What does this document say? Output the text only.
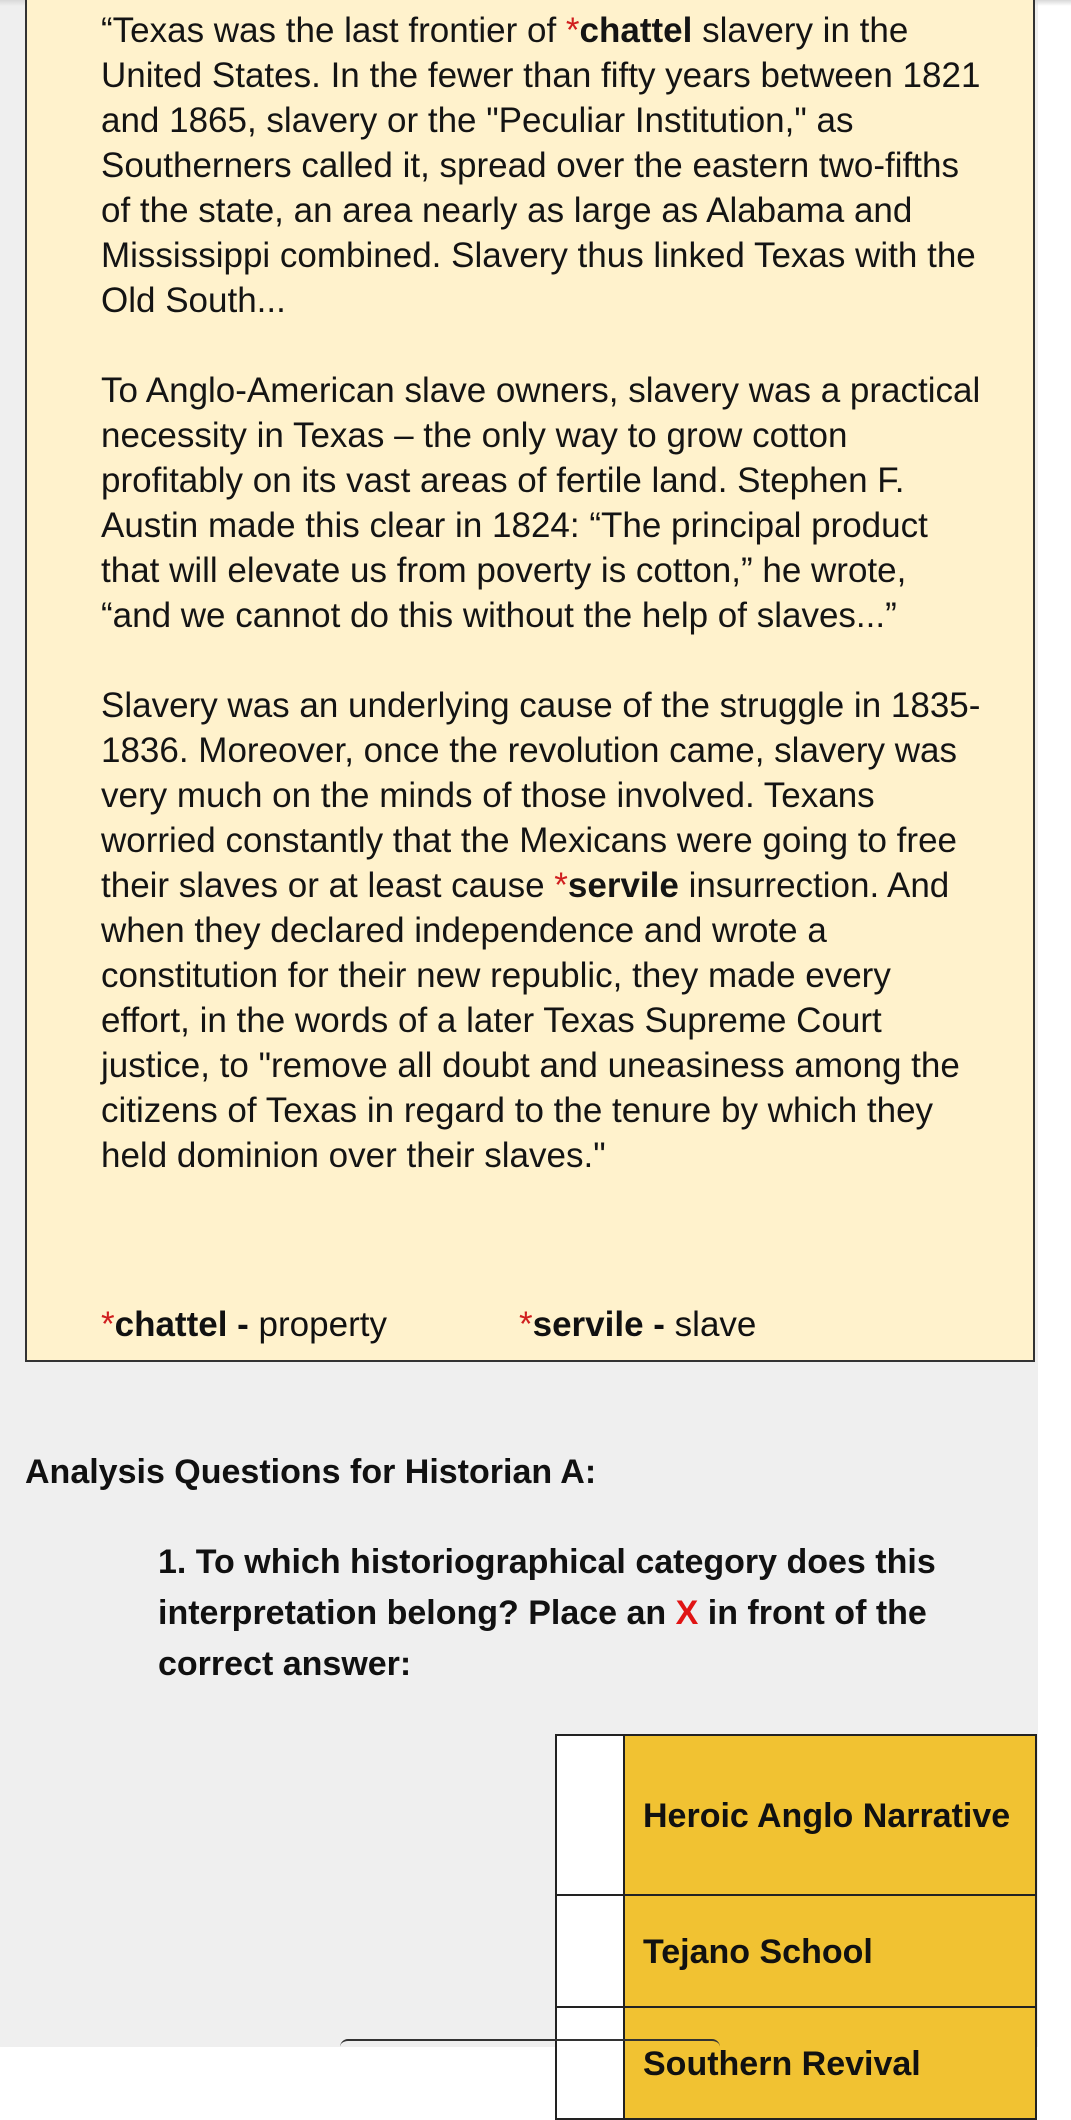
“Texas was the last frontier of *chattel slavery in the United States. In the fewer than fifty years between 1821 and 1865, slavery or the "Peculiar Institution," as Southerners called it, spread over the eastern two-fifths of the state, an area nearly as large as Alabama and Mississippi combined. Slavery thus linked Texas with the Old South...

To Anglo-American slave owners, slavery was a practical necessity in Texas – the only way to grow cotton profitably on its vast areas of fertile land. Stephen F. Austin made this clear in 1824: “The principal product that will elevate us from poverty is cotton,” he wrote, “and we cannot do this without the help of slaves...”

Slavery was an underlying cause of the struggle in 1835-1836. Moreover, once the revolution came, slavery was very much on the minds of those involved. Texans worried constantly that the Mexicans were going to free their slaves or at least cause *servile insurrection. And when they declared independence and wrote a constitution for their new republic, they made every effort, in the words of a later Texas Supreme Court justice, to "remove all doubt and uneasiness among the citizens of Texas in regard to the tenure by which they held dominion over their slaves."

*chattel - property	*servile - slave
Analysis Questions for Historian A:
1. To which historiographical category does this interpretation belong? Place an X in front of the correct answer:
	Heroic Anglo Narrative
	Tejano School
	Southern Revival
